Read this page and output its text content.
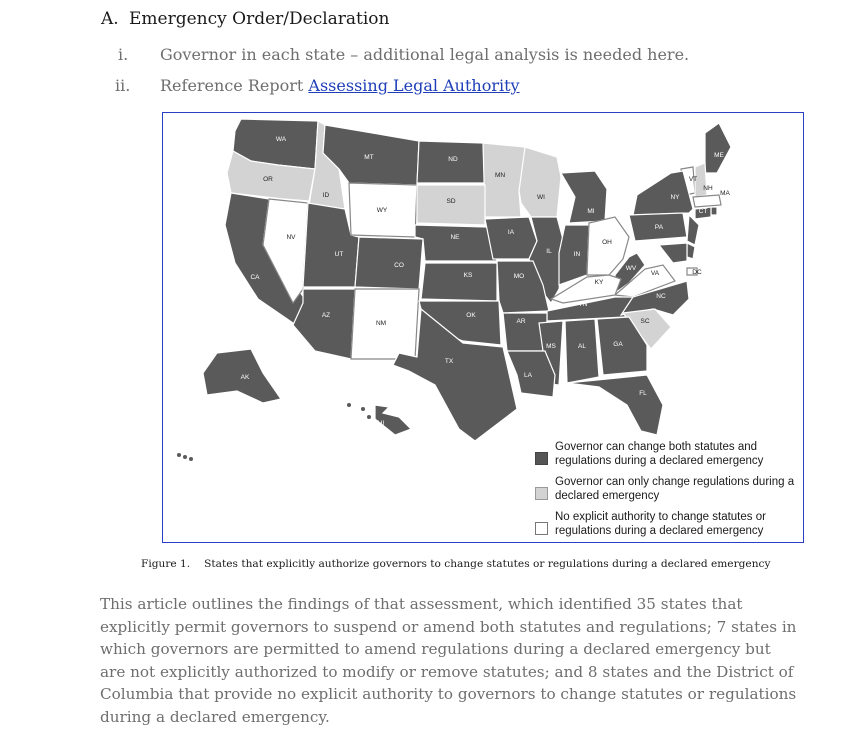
A. Emergency Order/Declaration
i. Governor in each state – additional legal analysis is needed here.
ii. Reference Report Assessing Legal Authority
WA
OR
ID
MT	ND
MN
WI
MI
ME
VT
NH
MA
RI
CT
NY
NJ
PA
DE
MD
DC
CA
NV
UT
WY
SD
NE
IA
IL	IN
OH
WV
VA
KY
CO
KS	MO
TN
NC
SC
AZ
NM
OK
AR
MS	AL	GA
TX
LA
FL
AK
HI
Governor can change both statutes and regulations during a declared emergency
Governor can only change regulations during a declared emergency
No explicit authority to change statutes or regulations during a declared emergency
Figure 1. States that explicitly authorize governors to change statutes or regulations during a declared emergency

This article outlines the findings of that assessment, which identified 35 states that explicitly permit governors to suspend or amend both statutes and regulations; 7 states in which governors are permitted to amend regulations during a declared emergency but are not explicitly authorized to modify or remove statutes; and 8 states and the District of Columbia that provide no explicit authority to governors to change statutes or regulations during a declared emergency.
